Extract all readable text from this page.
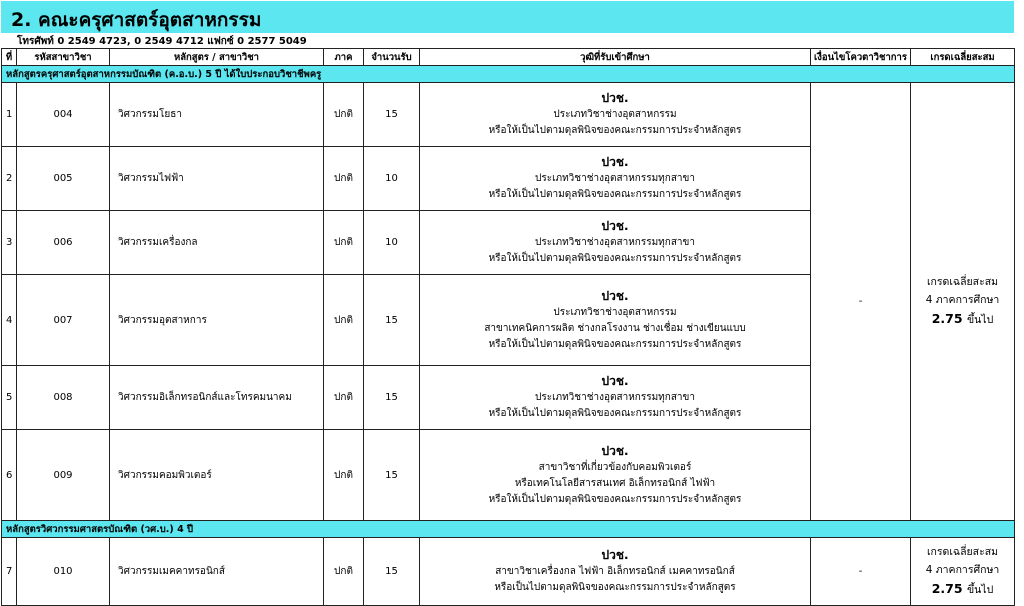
2. คณะครุศาสตร์อุตสาหกรรม
โทรศัพท์ 0 2549 4723, 0 2549 4712 แฟกซ์ 0 2577 5049
ที่	รหัสสาขาวิชา	หลักสูตร / สาขาวิชา	ภาค	จำนวนรับ	วุฒิที่รับเข้าศึกษา	เงื่อนไขโควตาวิชาการ	เกรดเฉลี่ยสะสม
หลักสูตรครุศาสตร์อุตสาหกรรมบัณฑิต (ค.อ.บ.) 5 ปี ได้ใบประกอบวิชาชีพครู							
1	004	วิศวกรรมโยธา	ปกติ	15	ปวช.
ประเภทวิชาช่างอุตสาหกรรม
หรือให้เป็นไปตามดุลพินิจของคณะกรรมการประจำหลักสูตร	-	เกรดเฉลี่ยสะสม
4 ภาคการศึกษา
2.75 ขึ้นไป

2	005	วิศวกรรมไฟฟ้า	ปกติ	10	ปวช.
ประเภทวิชาช่างอุตสาหกรรมทุกสาขา
หรือให้เป็นไปตามดุลพินิจของคณะกรรมการประจำหลักสูตร		

3	006	วิศวกรรมเครื่องกล	ปกติ	10	ปวช.
ประเภทวิชาช่างอุตสาหกรรมทุกสาขา
หรือให้เป็นไปตามดุลพินิจของคณะกรรมการประจำหลักสูตร		

4	007	วิศวกรรมอุตสาหการ	ปกติ	15	ปวช.
ประเภทวิชาช่างอุตสาหกรรม
สาขาเทคนิคการผลิต ช่างกลโรงงาน ช่างเชื่อม ช่างเขียนแบบ
หรือให้เป็นไปตามดุลพินิจของคณะกรรมการประจำหลักสูตร		

5	008	วิศวกรรมอิเล็กทรอนิกส์และโทรคมนาคม	ปกติ	15	ปวช.
ประเภทวิชาช่างอุตสาหกรรมทุกสาขา
หรือให้เป็นไปตามดุลพินิจของคณะกรรมการประจำหลักสูตร		

6	009	วิศวกรรมคอมพิวเตอร์	ปกติ	15	ปวช.
สาขาวิชาที่เกี่ยวข้องกับคอมพิวเตอร์
หรือเทคโนโลยีสารสนเทศ อิเล็กทรอนิกส์ ไฟฟ้า
หรือให้เป็นไปตามดุลพินิจของคณะกรรมการประจำหลักสูตร		

หลักสูตรวิศวกรรมศาสตรบัณฑิต (วศ.บ.) 4 ปี							
7	010	วิศวกรรมเมคคาทรอนิกส์	ปกติ	15	ปวช.
สาขาวิชาเครื่องกล ไฟฟ้า อิเล็กทรอนิกส์ เมคคาทรอนิกส์
หรือเป็นไปตามดุลพินิจของคณะกรรมการประจำหลักสูตร	-	เกรดเฉลี่ยสะสม
4 ภาคการศึกษา
2.75 ขึ้นไป
